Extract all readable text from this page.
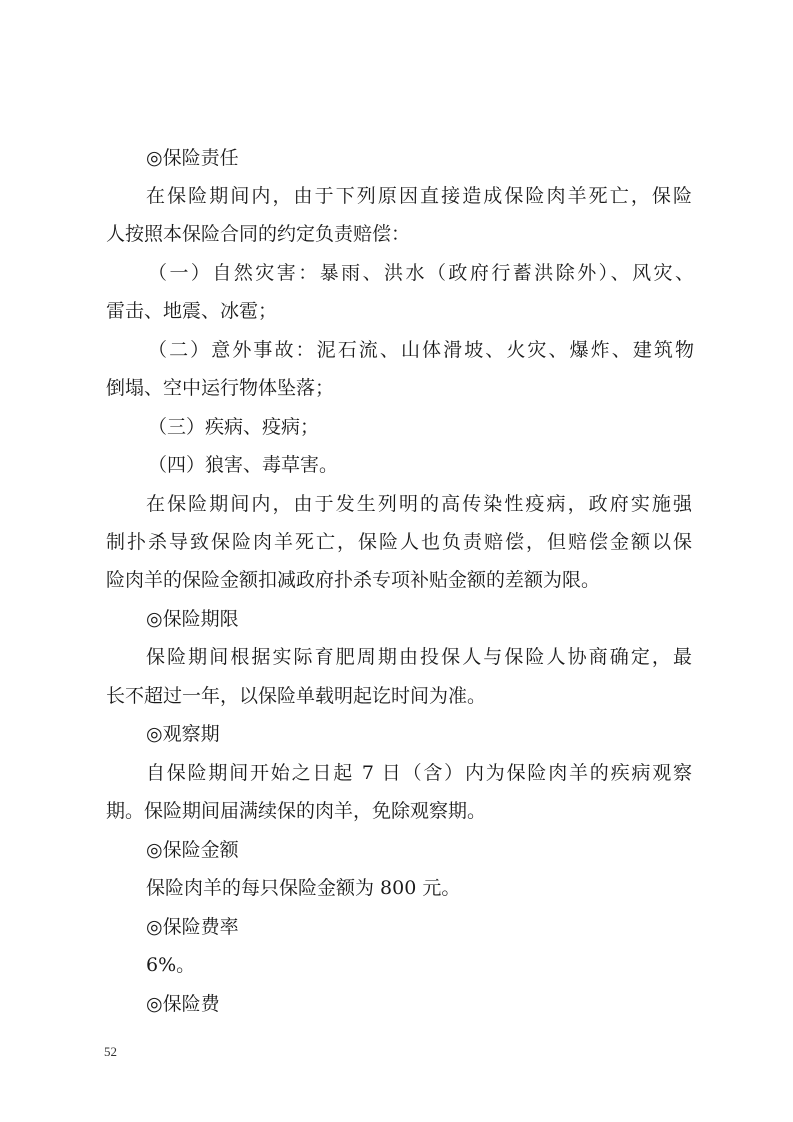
◎保险责任
在保险期间内，由于下列原因直接造成保险肉羊死亡，保险
人按照本保险合同的约定负责赔偿：
（一）自然灾害：暴雨、洪水（政府行蓄洪除外）、风灾、
雷击、地震、冰雹；
（二）意外事故：泥石流、山体滑坡、火灾、爆炸、建筑物
倒塌、空中运行物体坠落；
（三）疾病、疫病；
（四）狼害、毒草害。
在保险期间内，由于发生列明的高传染性疫病，政府实施强
制扑杀导致保险肉羊死亡，保险人也负责赔偿，但赔偿金额以保
险肉羊的保险金额扣减政府扑杀专项补贴金额的差额为限。
◎保险期限
保险期间根据实际育肥周期由投保人与保险人协商确定，最
长不超过一年，以保险单载明起讫时间为准。
◎观察期
自保险期间开始之日起 7 日（含）内为保险肉羊的疾病观察
期。保险期间届满续保的肉羊，免除观察期。
◎保险金额
保险肉羊的每只保险金额为 800 元。
◎保险费率
6%。
◎保险费
52
